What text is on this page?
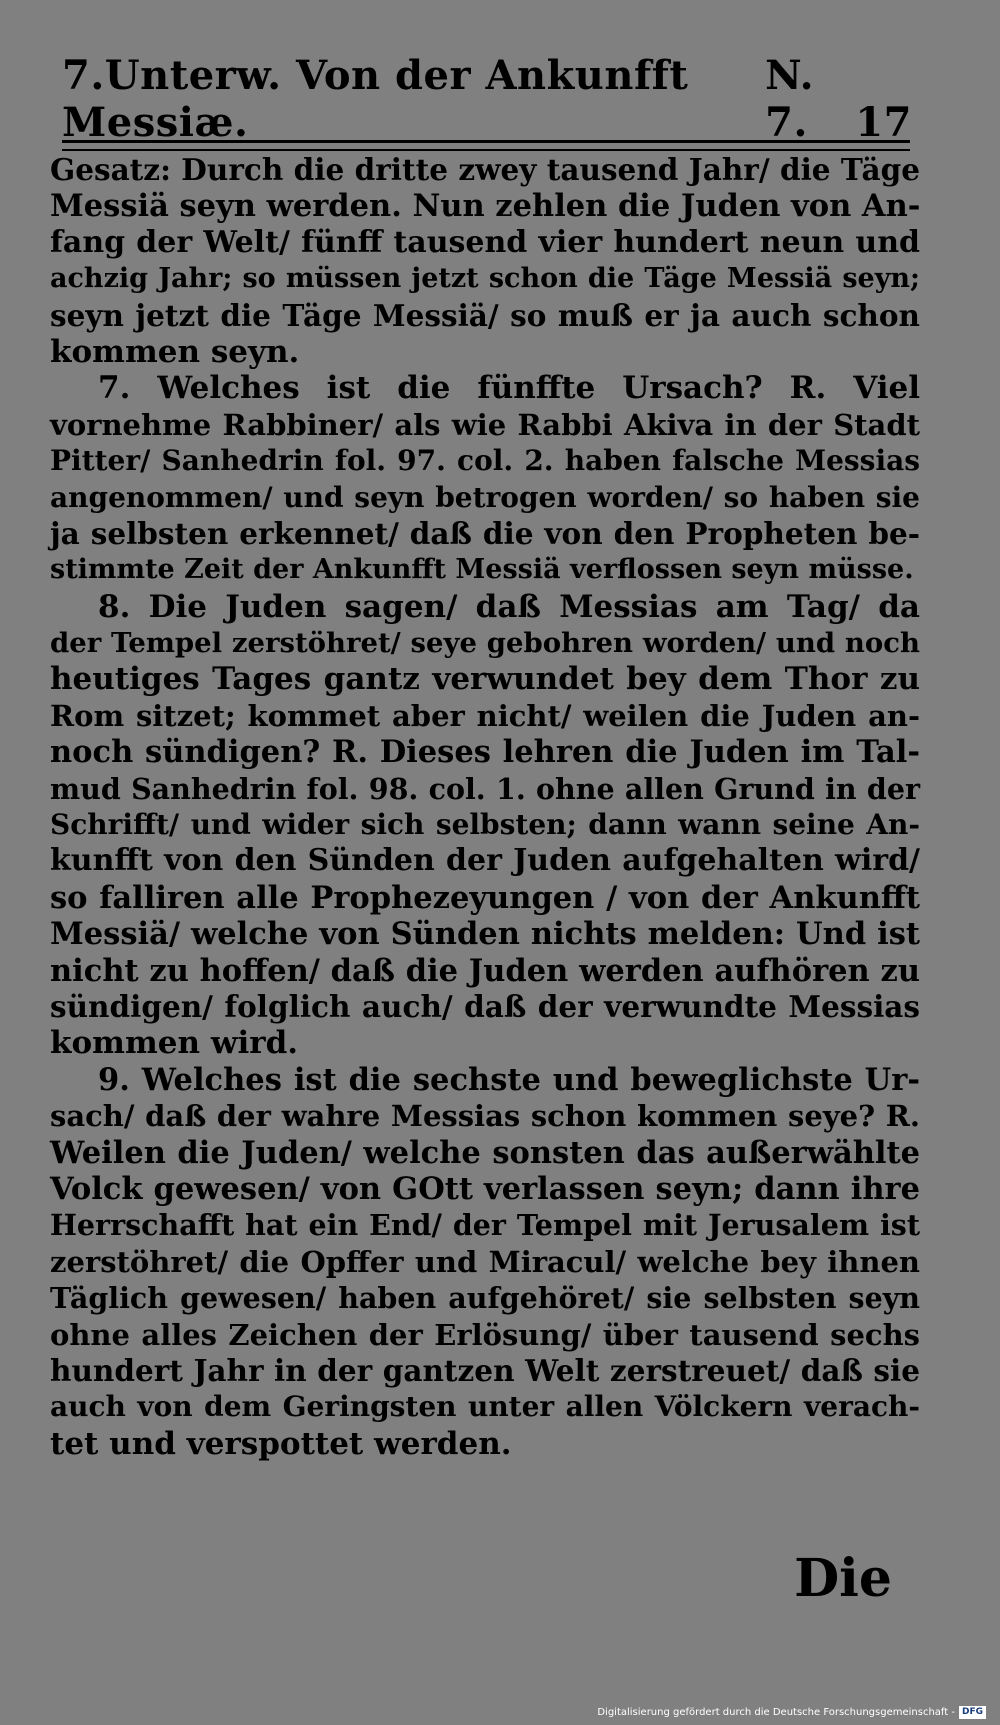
7.Unterw. Von der Ankunfft Messiæ.
N. 7.	17
Gesatz: Durch die dritte zwey tausend Jahr/ die Täge
Messiä seyn werden. Nun zehlen die Juden von An-
fang der Welt/ fünff tausend vier hundert neun und
achzig Jahr; so müssen jetzt schon die Täge Messiä seyn;
seyn jetzt die Täge Messiä/ so muß er ja auch schon
kommen seyn.
7. Welches ist die fünffte Ursach? R. Viel
vornehme Rabbiner/ als wie Rabbi Akiva in der Stadt
Pitter/ Sanhedrin fol. 97. col. 2. haben falsche Messias
angenommen/ und seyn betrogen worden/ so haben sie
ja selbsten erkennet/ daß die von den Propheten be-
stimmte Zeit der Ankunfft Messiä verflossen seyn müsse.
8. Die Juden sagen/ daß Messias am Tag/ da
der Tempel zerstöhret/ seye gebohren worden/ und noch
heutiges Tages gantz verwundet bey dem Thor zu
Rom sitzet; kommet aber nicht/ weilen die Juden an-
noch sündigen? R. Dieses lehren die Juden im Tal-
mud Sanhedrin fol. 98. col. 1. ohne allen Grund in der
Schrifft/ und wider sich selbsten; dann wann seine An-
kunfft von den Sünden der Juden aufgehalten wird/
so falliren alle Prophezeyungen / von der Ankunfft
Messiä/ welche von Sünden nichts melden: Und ist
nicht zu hoffen/ daß die Juden werden aufhören zu
sündigen/ folglich auch/ daß der verwundte Messias
kommen wird.
9. Welches ist die sechste und beweglichste Ur-
sach/ daß der wahre Messias schon kommen seye? R.
Weilen die Juden/ welche sonsten das außerwählte
Volck gewesen/ von GOtt verlassen seyn; dann ihre
Herrschafft hat ein End/ der Tempel mit Jerusalem ist
zerstöhret/ die Opffer und Miracul/ welche bey ihnen
Täglich gewesen/ haben aufgehöret/ sie selbsten seyn
ohne alles Zeichen der Erlösung/ über tausend sechs
hundert Jahr in der gantzen Welt zerstreuet/ daß sie
auch von dem Geringsten unter allen Völckern verach-
tet und verspottet werden.
Die
Digitalisierung gefördert durch die Deutsche Forschungsgemeinschaft - DFG
